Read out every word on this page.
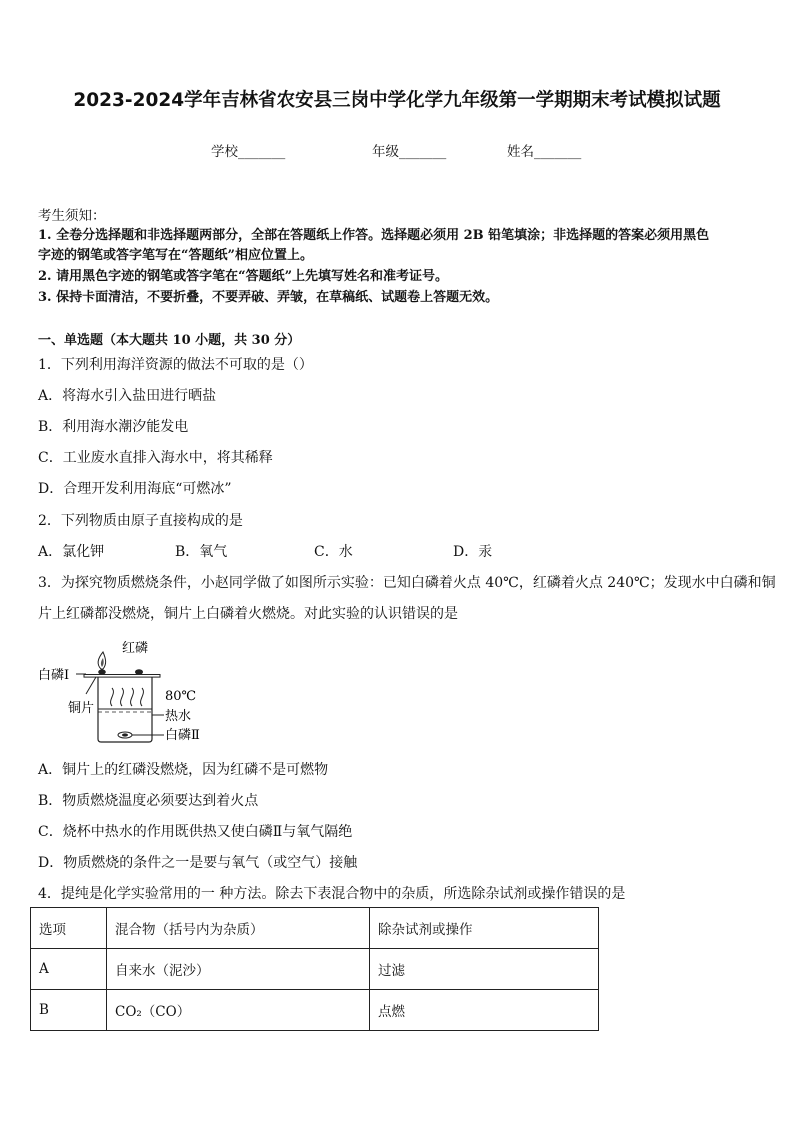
2023-2024学年吉林省农安县三岗中学化学九年级第一学期期末考试模拟试题
学校_______	年级_______	姓名_______
考生须知：
1. 全卷分选择题和非选择题两部分，全部在答题纸上作答。选择题必须用 2B 铅笔填涂；非选择题的答案必须用黑色
字迹的钢笔或答字笔写在“答题纸”相应位置上。
2. 请用黑色字迹的钢笔或答字笔在“答题纸”上先填写姓名和准考证号。
3. 保持卡面清洁，不要折叠，不要弄破、弄皱，在草稿纸、试题卷上答题无效。
一、单选题（本大题共 10 小题，共 30 分）
1．下列利用海洋资源的做法不可取的是（）
A．将海水引入盐田进行晒盐
B．利用海水潮汐能发电
C．工业废水直排入海水中，将其稀释
D．合理开发利用海底“可燃冰”
2．下列物质由原子直接构成的是
A．氯化钾	B．氧气	C．水	D．汞
3．为探究物质燃烧条件，小赵同学做了如图所示实验：已知白磷着火点 40℃，红磷着火点 240℃；发现水中白磷和铜
片上红磷都没燃烧，铜片上白磷着火燃烧。对此实验的认识错误的是
红磷
白磷Ⅰ
铜片
80℃
热水
白磷Ⅱ
A．铜片上的红磷没燃烧，因为红磷不是可燃物
B．物质燃烧温度必须要达到着火点
C．烧杯中热水的作用既供热又使白磷Ⅱ与氧气隔绝
D．物质燃烧的条件之一是要与氧气（或空气）接触
4．提纯是化学实验常用的一 种方法。除去下表混合物中的杂质，所选除杂试剂或操作错误的是
选项	混合物（括号内为杂质）	除杂试剂或操作
A	自来水（泥沙）	过滤
B	CO₂（CO）	点燃
